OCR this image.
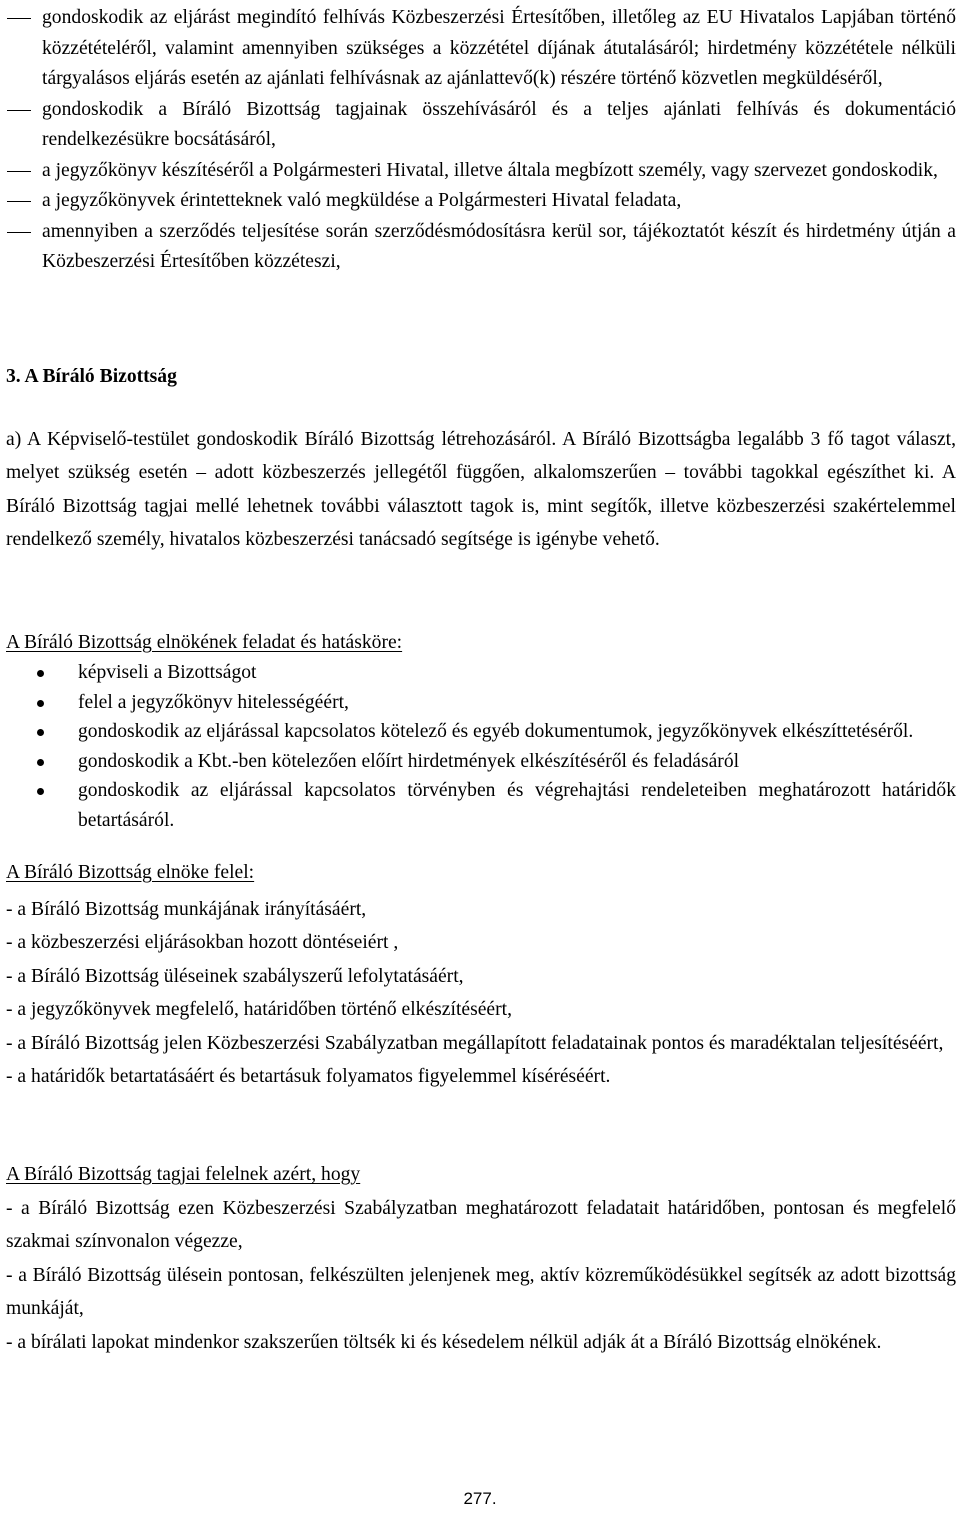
gondoskodik az eljárást megindító felhívás Közbeszerzési Értesítőben, illetőleg az EU Hivatalos Lapjában történő közzétételéről, valamint amennyiben szükséges a közzététel díjának átutalásáról; hirdetmény közzététele nélküli tárgyalásos eljárás esetén az ajánlati felhívásnak az ajánlattevő(k) részére történő közvetlen megküldéséről,
gondoskodik a Bíráló Bizottság tagjainak összehívásáról és a teljes ajánlati felhívás és dokumentáció rendelkezésükre bocsátásáról,
a jegyzőkönyv készítéséről a Polgármesteri Hivatal, illetve általa megbízott személy, vagy szervezet gondoskodik,
a jegyzőkönyvek érintetteknek való megküldése a Polgármesteri Hivatal feladata,
amennyiben a szerződés teljesítése során szerződésmódosításra kerül sor, tájékoztatót készít és hirdetmény útján a Közbeszerzési Értesítőben közzéteszi,
3. A Bíráló Bizottság
a) A Képviselő-testület gondoskodik Bíráló Bizottság létrehozásáról. A Bíráló Bizottságba legalább 3 fő tagot választ, melyet szükség esetén – adott közbeszerzés jellegétől függően, alkalomszerűen – további tagokkal egészíthet ki. A Bíráló Bizottság tagjai mellé lehetnek további választott tagok is, mint segítők, illetve közbeszerzési szakértelemmel rendelkező személy, hivatalos közbeszerzési tanácsadó segítsége is igénybe vehető.
A Bíráló Bizottság elnökének feladat és hatásköre:
képviseli a Bizottságot
felel a jegyzőkönyv hitelességéért,
gondoskodik az eljárással kapcsolatos kötelező és egyéb dokumentumok, jegyzőkönyvek elkészíttetéséről.
gondoskodik a Kbt.-ben kötelezően előírt hirdetmények elkészítéséről és feladásáról
gondoskodik az eljárással kapcsolatos törvényben és végrehajtási rendeleteiben meghatározott határidők betartásáról.
A Bíráló Bizottság elnöke felel:
- a Bíráló Bizottság munkájának irányításáért,
- a közbeszerzési eljárásokban hozott döntéseiért ,
- a Bíráló Bizottság üléseinek szabályszerű lefolytatásáért,
- a jegyzőkönyvek megfelelő, határidőben történő elkészítéséért,
- a Bíráló Bizottság jelen Közbeszerzési Szabályzatban megállapított feladatainak pontos és maradéktalan teljesítéséért,
- a határidők betartatásáért és betartásuk folyamatos figyelemmel kíséréséért.
A Bíráló Bizottság tagjai felelnek azért, hogy
- a Bíráló Bizottság ezen Közbeszerzési Szabályzatban meghatározott feladatait határidőben, pontosan és megfelelő szakmai színvonalon végezze,
- a Bíráló Bizottság ülésein pontosan, felkészülten jelenjenek meg, aktív közreműködésükkel segítsék az adott bizottság munkáját,
- a bírálati lapokat mindenkor szakszerűen töltsék ki és késedelem nélkül adják át a Bíráló Bizottság elnökének.
277.
